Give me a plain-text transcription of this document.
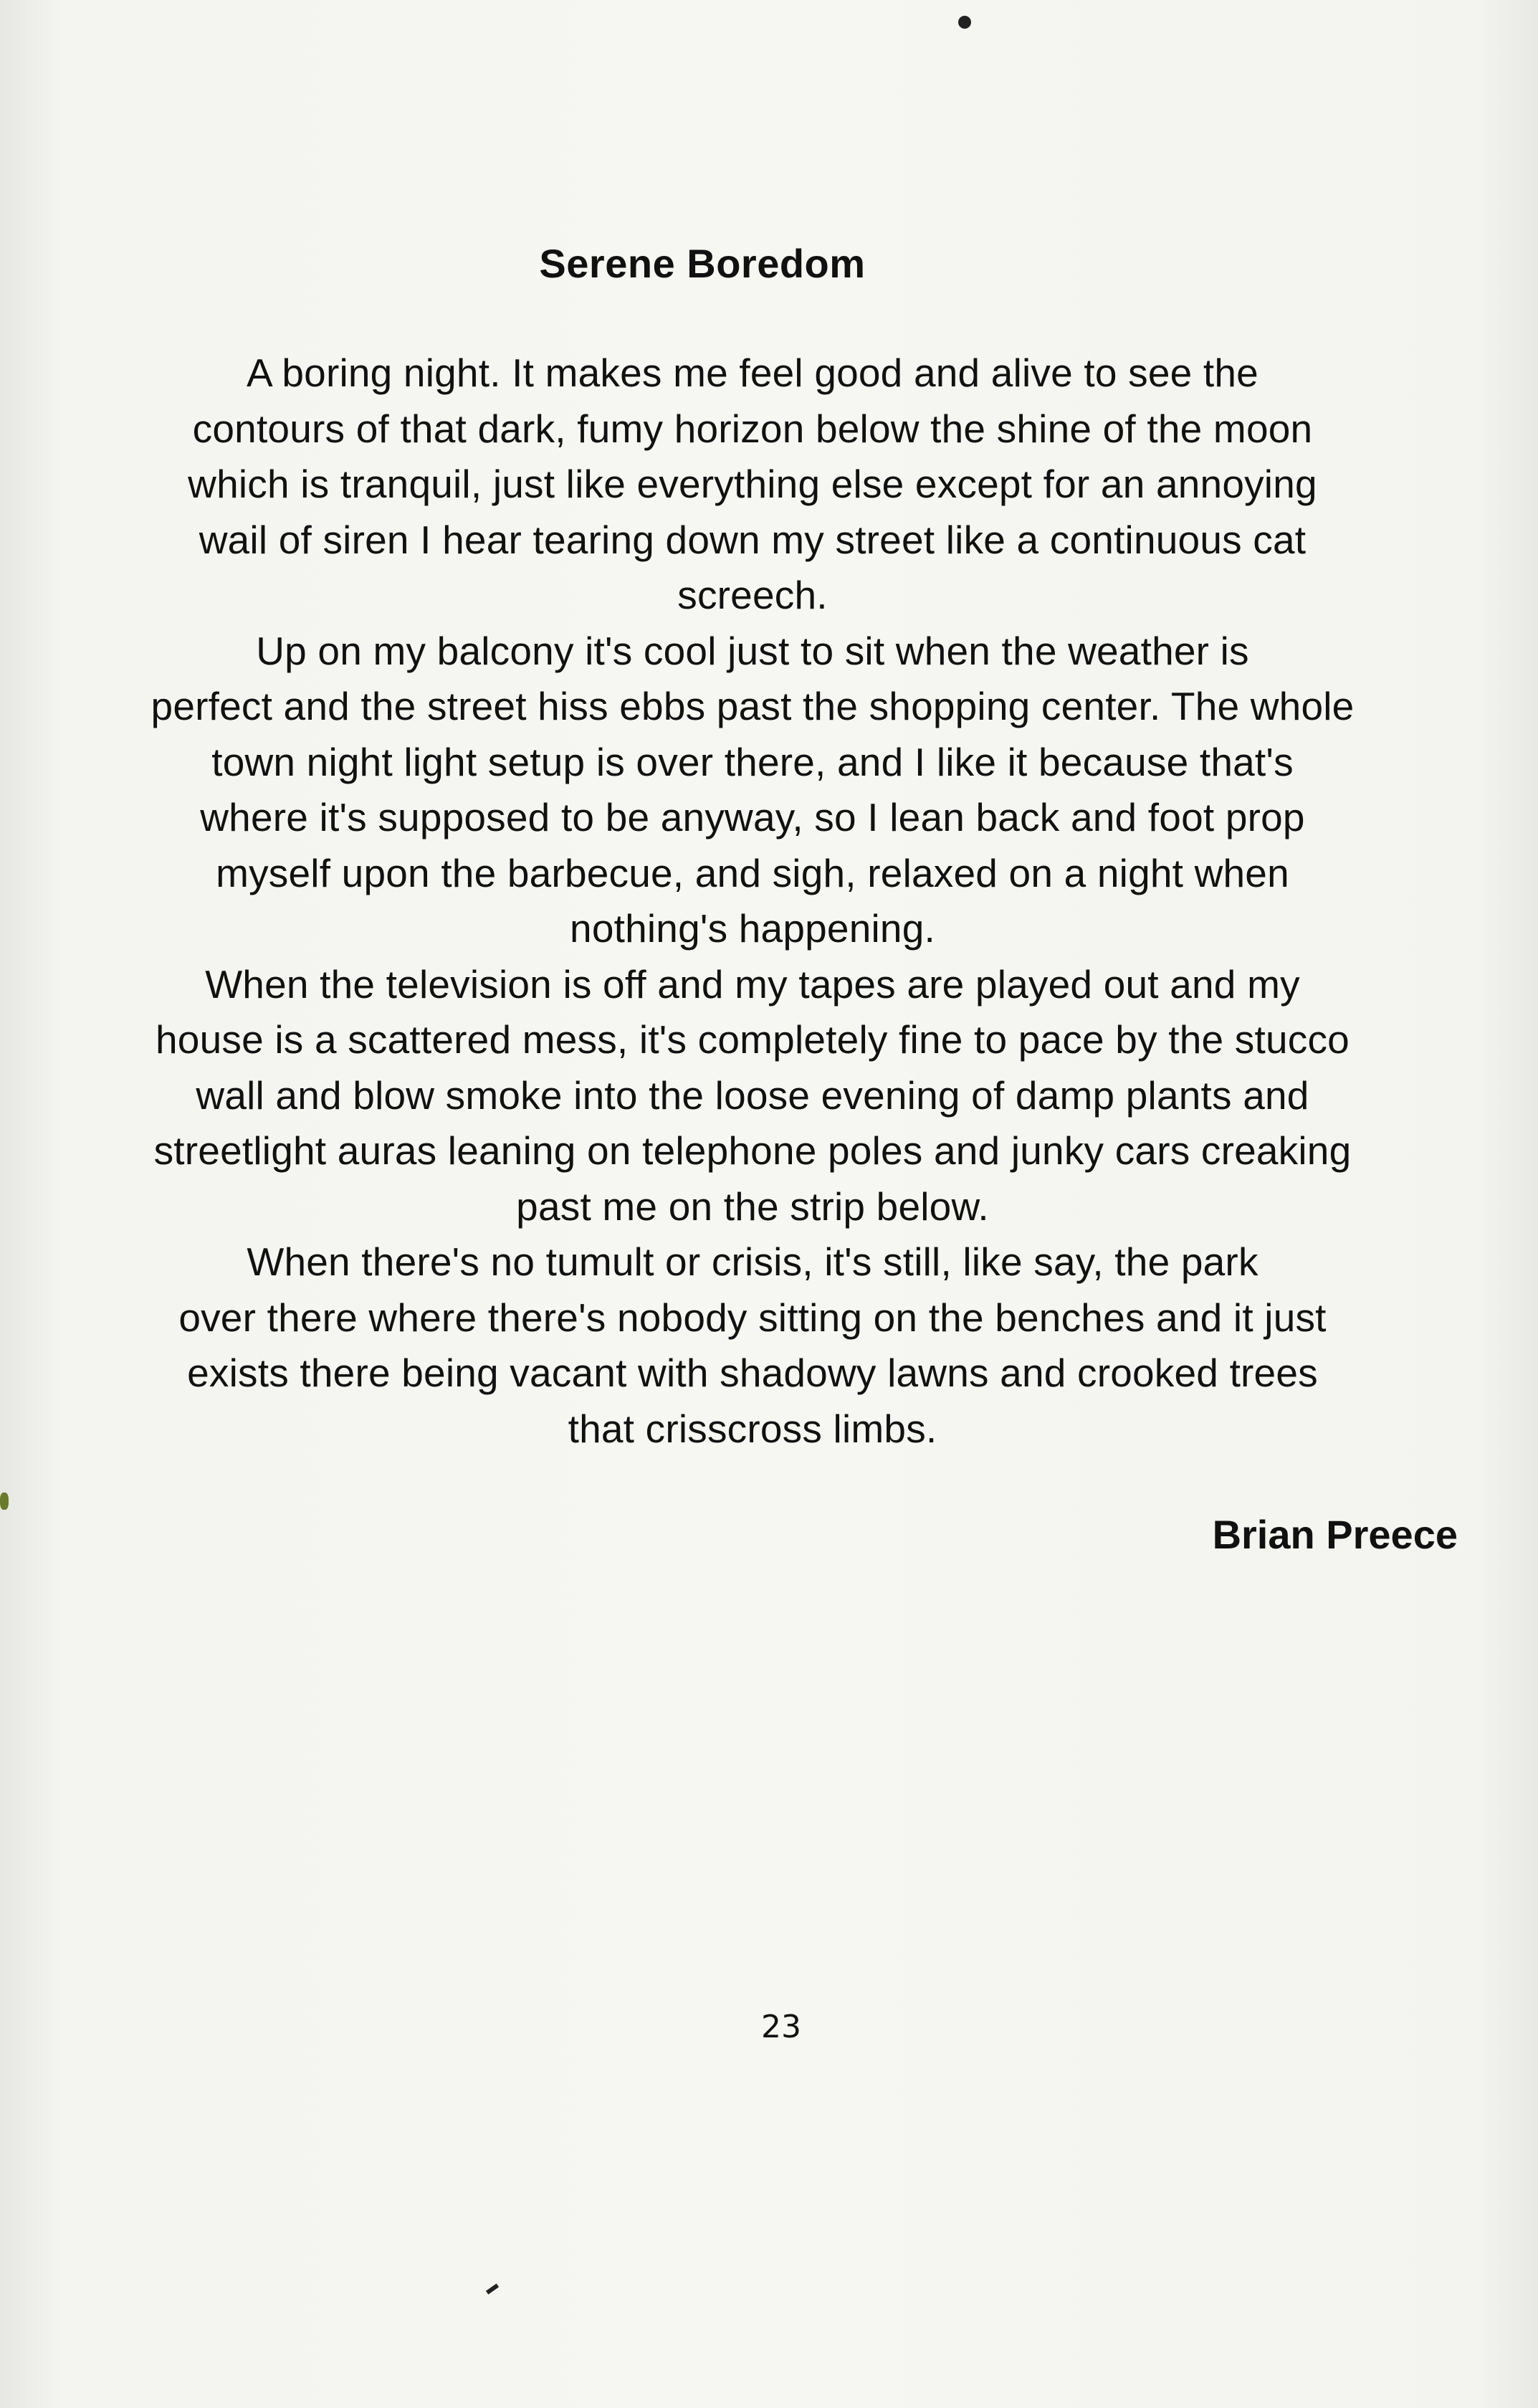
Serene Boredom
A boring night. It makes me feel good and alive to see the
contours of that dark, fumy horizon below the shine of the moon
which is tranquil, just like everything else except for an annoying
wail of siren I hear tearing down my street like a continuous cat
screech.
Up on my balcony it's cool just to sit when the weather is
perfect and the street hiss ebbs past the shopping center. The whole
town night light setup is over there, and I like it because that's
where it's supposed to be anyway, so I lean back and foot prop
myself upon the barbecue, and sigh, relaxed on a night when
nothing's happening.
When the television is off and my tapes are played out and my
house is a scattered mess, it's completely fine to pace by the stucco
wall and blow smoke into the loose evening of damp plants and
streetlight auras leaning on telephone poles and junky cars creaking
past me on the strip below.
When there's no tumult or crisis, it's still, like say, the park
over there where there's nobody sitting on the benches and it just
exists there being vacant with shadowy lawns and crooked trees
that crisscross limbs.
Brian Preece
23
